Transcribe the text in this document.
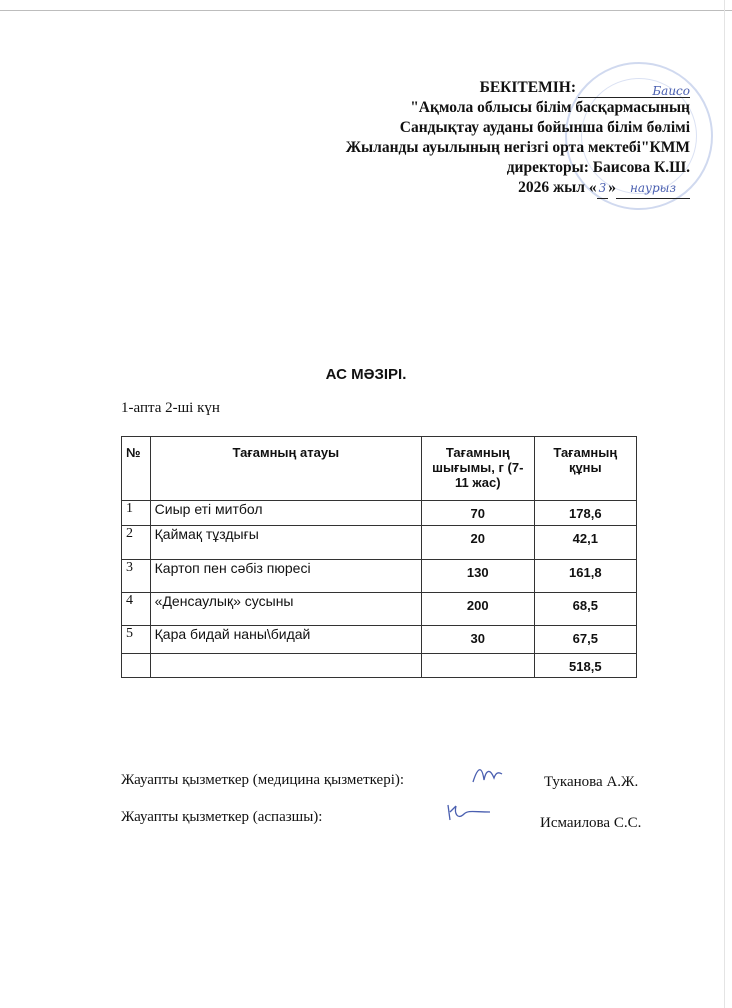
БЕКІТЕМІН:	Баисо
"Ақмола облысы білім басқармасының
Сандықтау ауданы бойынша білім бөлімі
Жыланды ауылының негізгі орта мектебі"КММ
директоры: Баисова К.Ш.
2026 жыл « 3 » наурыз
АС МӘЗІРІ.
1-апта 2-ші күн
№	Тағамның атауы	Тағамның шығымы, г (7-11 жас)	Тағамның құны
1	Сиыр еті митбол	70	178,6
2	Қаймақ тұздығы	20	42,1
3	Картоп пен сәбіз пюресі	130	161,8
4	«Денсаулық» сусыны	200	68,5
5	Қара бидай наны\бидай	30	67,5
			518,5
Жауапты қызметкер (медицина қызметкері):	Туканова А.Ж.
Жауапты қызметкер (аспазшы):	Исмаилова С.С.
